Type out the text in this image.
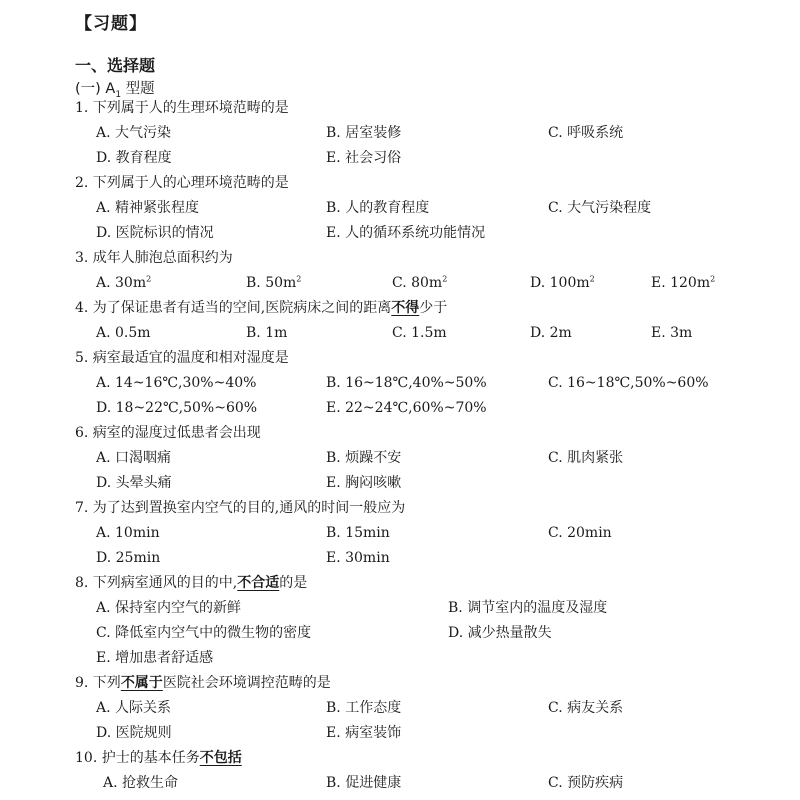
【习题】
一、选择题
(一) $A_1$ 型题
1. 下列属于人的生理环境范畴的是
A. 大气污染	B. 居室装修	C. 呼吸系统
D. 教育程度	E. 社会习俗
2. 下列属于人的心理环境范畴的是
A. 精神紧张程度	B. 人的教育程度	C. 大气污染程度
D. 医院标识的情况	E. 人的循环系统功能情况
3. 成年人肺泡总面积约为
A. $30m^2$	B. $50m^2$	C. $80m^2$	D. $100m^2$	E. $120m^2$
4. 为了保证患者有适当的空间,医院病床之间的距离不得少于
A. 0.5m	B. 1m	C. 1.5m	D. 2m	E. 3m
5. 病室最适宜的温度和相对湿度是
A. 14~16℃,30%~40%	B. 16~18℃,40%~50%	C. 16~18℃,50%~60%
D. 18~22℃,50%~60%	E. 22~24℃,60%~70%
6. 病室的湿度过低患者会出现
A. 口渴咽痛	B. 烦躁不安	C. 肌肉紧张
D. 头晕头痛	E. 胸闷咳嗽
7. 为了达到置换室内空气的目的,通风的时间一般应为
A. 10min	B. 15min	C. 20min
D. 25min	E. 30min
8. 下列病室通风的目的中,不合适的是
A. 保持室内空气的新鲜	B. 调节室内的温度及湿度
C. 降低室内空气中的微生物的密度	D. 减少热量散失
E. 增加患者舒适感
9. 下列不属于医院社会环境调控范畴的是
A. 人际关系	B. 工作态度	C. 病友关系
D. 医院规则	E. 病室装饰
10. 护士的基本任务不包括
A. 抢救生命	B. 促进健康	C. 预防疾病
